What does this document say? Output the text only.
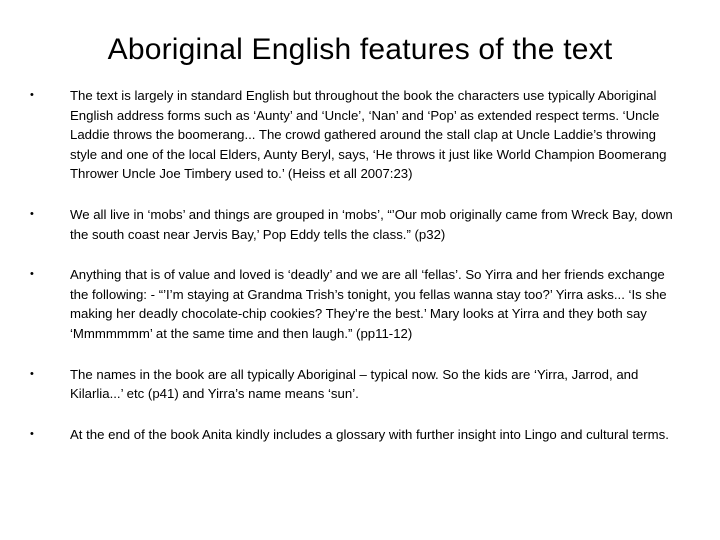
Aboriginal English features of the text
•	The text is largely in standard English but throughout the book the characters use typically Aboriginal English address forms such as ‘Aunty’ and ‘Uncle’, ‘Nan’ and ‘Pop’ as extended respect terms. ‘Uncle Laddie throws the boomerang... The crowd gathered around the stall clap at Uncle Laddie’s throwing style and one of the local Elders, Aunty Beryl, says, ‘He throws it just like World Champion Boomerang Thrower Uncle Joe Timbery used to.’ (Heiss et all 2007:23)
•	We all live in ‘mobs’ and things are grouped in ‘mobs’, “’Our mob originally came from Wreck Bay, down the south coast near Jervis Bay,’ Pop Eddy tells the class.” (p32)
•	Anything that is of value and loved is ‘deadly’ and we are all ‘fellas’. So Yirra and her friends exchange the following: - “’I’m staying at Grandma Trish’s tonight, you fellas wanna stay too?’ Yirra asks... ‘Is she making her deadly chocolate-chip cookies? They’re the best.’ Mary looks at Yirra and they both say ‘Mmmmmmm’ at the same time and then laugh.” (pp11-12)
•	The names in the book are all typically Aboriginal – typical now. So the kids are ‘Yirra, Jarrod, and Kilarlia...’ etc (p41) and Yirra’s name means ‘sun’.
•	At the end of the book Anita kindly includes a glossary with further insight into Lingo and cultural terms.
